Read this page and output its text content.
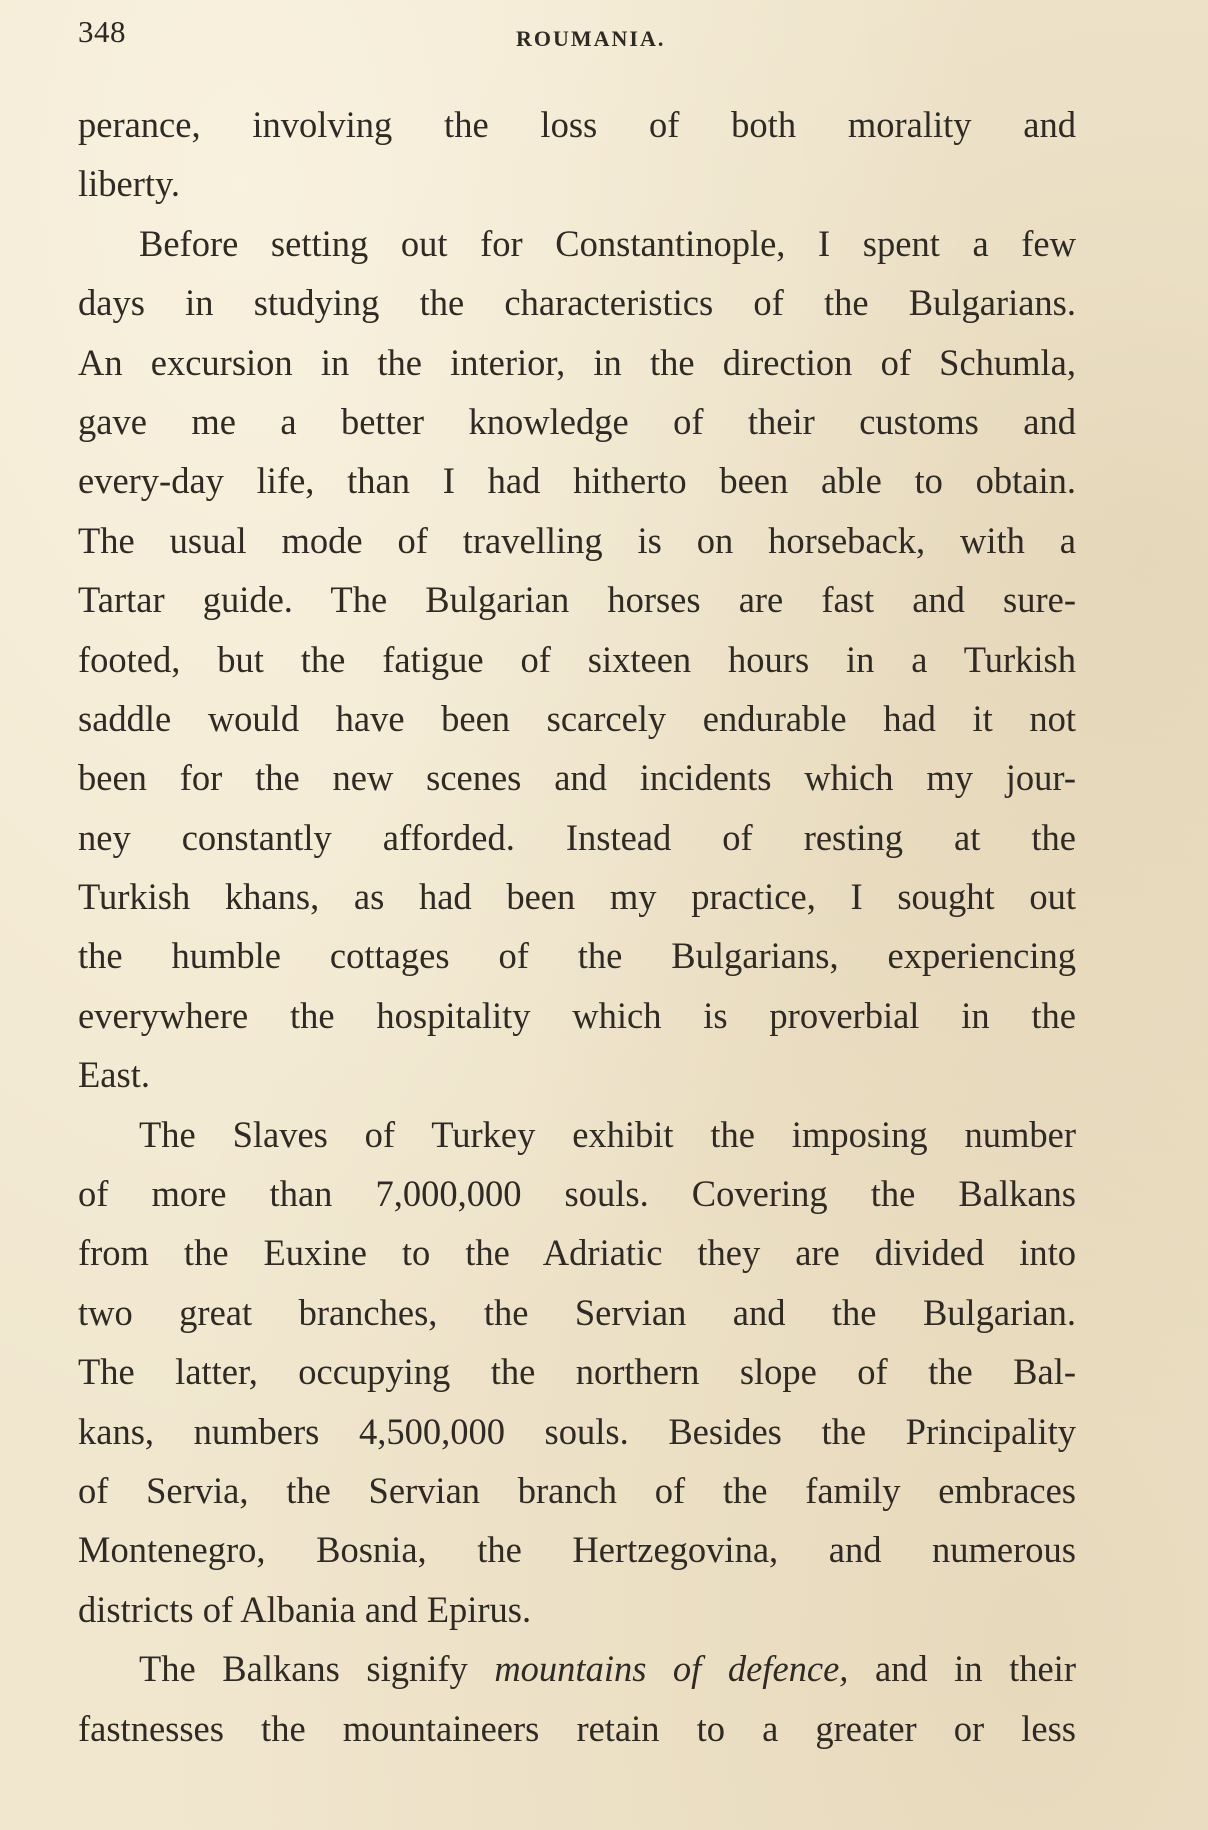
348	ROUMANIA.
perance, involving the loss of both morality and
liberty.
Before setting out for Constantinople, I spent a few
days in studying the characteristics of the Bulgarians.
An excursion in the interior, in the direction of Schumla,
gave me a better knowledge of their customs and
every-day life, than I had hitherto been able to obtain.
The usual mode of travelling is on horseback, with a
Tartar guide. The Bulgarian horses are fast and sure-
footed, but the fatigue of sixteen hours in a Turkish
saddle would have been scarcely endurable had it not
been for the new scenes and incidents which my jour-
ney constantly afforded. Instead of resting at the
Turkish khans, as had been my practice, I sought out
the humble cottages of the Bulgarians, experiencing
everywhere the hospitality which is proverbial in the
East.
The Slaves of Turkey exhibit the imposing number
of more than 7,000,000 souls. Covering the Balkans
from the Euxine to the Adriatic they are divided into
two great branches, the Servian and the Bulgarian.
The latter, occupying the northern slope of the Bal-
kans, numbers 4,500,000 souls. Besides the Principality
of Servia, the Servian branch of the family embraces
Montenegro, Bosnia, the Hertzegovina, and numerous
districts of Albania and Epirus.
The Balkans signify mountains of defence, and in their
fastnesses the mountaineers retain to a greater or less
